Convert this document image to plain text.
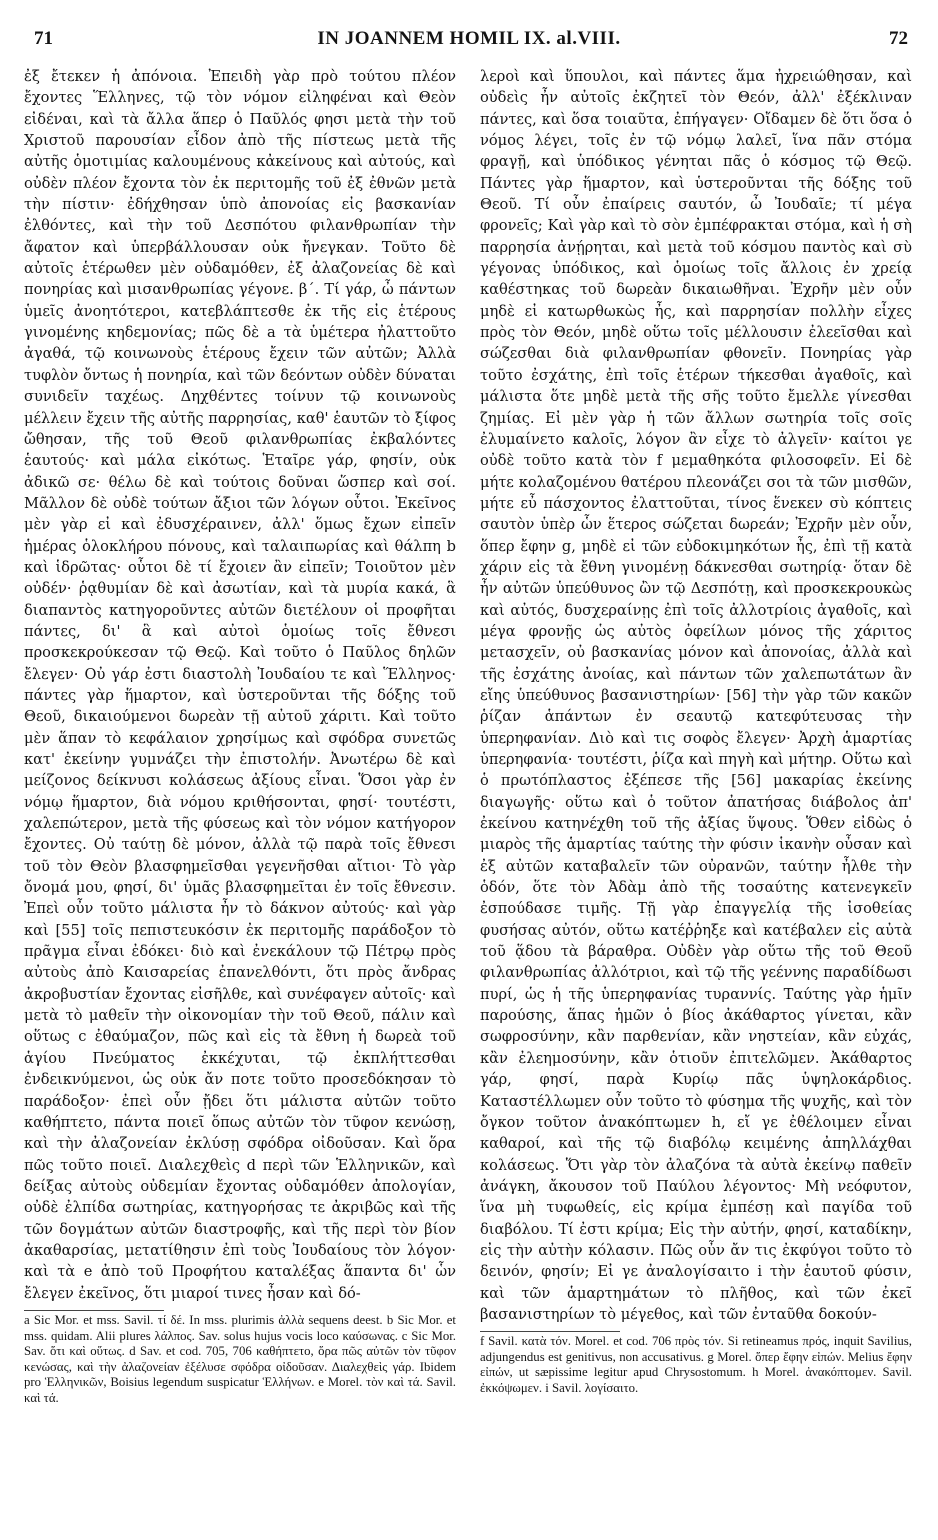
71	IN JOANNEM HOMIL IX. al.VIII.	72

ἐξ ἔτεκεν ἡ ἀπόνοια. Ἐπειδὴ γὰρ πρὸ τούτου πλέον ἔχοντες Ἕλληνες, τῷ τὸν νόμον εἰληφέναι καὶ Θεὸν εἰδέναι, καὶ τὰ ἄλλα ἅπερ ὁ Παῦλός φησι μετὰ τὴν τοῦ Χριστοῦ παρουσίαν εἶδον ἀπὸ τῆς πίστεως μετὰ τῆς αὐτῆς ὁμοτιμίας καλουμένους κἀκείνους καὶ αὐτούς, καὶ οὐδὲν πλέον ἔχοντα τὸν ἐκ περιτομῆς τοῦ ἐξ ἐθνῶν μετὰ τὴν πίστιν· ἐδήχθησαν ὑπὸ ἀπονοίας εἰς βασκανίαν ἐλθόντες, καὶ τὴν τοῦ Δεσπότου φιλανθρωπίαν τὴν ἄφατον καὶ ὑπερβάλλουσαν οὐκ ἤνεγκαν. Τοῦτο δὲ αὐτοῖς ἑτέρωθεν μὲν οὐδαμόθεν, ἐξ ἀλαζονείας δὲ καὶ πονηρίας καὶ μισανθρωπίας γέγονε. β΄. Τί γάρ, ὦ πάντων ὑμεῖς ἀνοητότεροι, κατεβλάπτεσθε ἐκ τῆς εἰς ἑτέρους γινομένης κηδεμονίας; πῶς δὲ a τὰ ὑμέτερα ἠλαττοῦτο ἀγαθά, τῷ κοινωνοὺς ἑτέρους ἔχειν τῶν αὐτῶν; Ἀλλὰ τυφλὸν ὄντως ἡ πονηρία, καὶ τῶν δεόντων οὐδὲν δύναται συνιδεῖν ταχέως. Δηχθέντες τοίνυν τῷ κοινωνοὺς μέλλειν ἔχειν τῆς αὐτῆς παρρησίας, καθ' ἑαυτῶν τὸ ξίφος ὤθησαν, τῆς τοῦ Θεοῦ φιλανθρωπίας ἐκβαλόντες ἑαυτούς· καὶ μάλα εἰκότως. Ἑταῖρε γάρ, φησίν, οὐκ ἀδικῶ σε· θέλω δὲ καὶ τούτοις δοῦναι ὥσπερ καὶ σοί. Μᾶλλον δὲ οὐδὲ τούτων ἄξιοι τῶν λόγων οὗτοι. Ἐκεῖνος μὲν γὰρ εἰ καὶ ἐδυσχέραινεν, ἀλλ' ὅμως ἔχων εἰπεῖν ἡμέρας ὁλοκλήρου πόνους, καὶ ταλαιπωρίας καὶ θάλπη b καὶ ἱδρῶτας· οὗτοι δὲ τί ἔχοιεν ἂν εἰπεῖν; Τοιοῦτον μὲν οὐδέν· ῥᾳθυμίαν δὲ καὶ ἀσωτίαν, καὶ τὰ μυρία κακά, ἃ διαπαντὸς κατηγοροῦντες αὐτῶν διετέλουν οἱ προφῆται πάντες, δι' ἃ καὶ αὐτοὶ ὁμοίως τοῖς ἔθνεσι προσκεκρούκεσαν τῷ Θεῷ. Καὶ τοῦτο ὁ Παῦλος δηλῶν ἔλεγεν· Οὐ γάρ ἐστι διαστολὴ Ἰουδαίου τε καὶ Ἕλληνος· πάντες γὰρ ἥμαρτον, καὶ ὑστεροῦνται τῆς δόξης τοῦ Θεοῦ, δικαιούμενοι δωρεὰν τῇ αὐτοῦ χάριτι. Καὶ τοῦτο μὲν ἅπαν τὸ κεφάλαιον χρησίμως καὶ σφόδρα συνετῶς κατ' ἐκείνην γυμνάζει τὴν ἐπιστολήν. Ἀνωτέρω δὲ καὶ μείζονος δείκνυσι κολάσεως ἀξίους εἶναι. Ὅσοι γὰρ ἐν νόμῳ ἥμαρτον, διὰ νόμου κριθήσονται, φησί· τουτέστι, χαλεπώτερον, μετὰ τῆς φύσεως καὶ τὸν νόμον κατήγορον ἔχοντες. Οὐ ταύτῃ δὲ μόνον, ἀλλὰ τῷ παρὰ τοῖς ἔθνεσι τοῦ τὸν Θεὸν βλασφημεῖσθαι γεγενῆσθαι αἴτιοι· Τὸ γὰρ ὄνομά μου, φησί, δι' ὑμᾶς βλασφημεῖται ἐν τοῖς ἔθνεσιν. Ἐπεὶ οὖν τοῦτο μάλιστα ἦν τὸ δάκνον αὐτούς· καὶ γὰρ καὶ [55] τοῖς πεπιστευκόσιν ἐκ περιτομῆς παράδοξον τὸ πρᾶγμα εἶναι ἐδόκει· διὸ καὶ ἐνεκάλουν τῷ Πέτρῳ πρὸς αὐτοὺς ἀπὸ Καισαρείας ἐπανελθόντι, ὅτι πρὸς ἄνδρας ἀκροβυστίαν ἔχοντας εἰσῆλθε, καὶ συνέφαγεν αὐτοῖς· καὶ μετὰ τὸ μαθεῖν τὴν οἰκονομίαν τὴν τοῦ Θεοῦ, πάλιν καὶ οὕτως c ἐθαύμαζον, πῶς καὶ εἰς τὰ ἔθνη ἡ δωρεὰ τοῦ ἁγίου Πνεύματος ἐκκέχυται, τῷ ἐκπλήττεσθαι ἐνδεικνύμενοι, ὡς οὐκ ἄν ποτε τοῦτο προσεδόκησαν τὸ παράδοξον· ἐπεὶ οὖν ᾔδει ὅτι μάλιστα αὐτῶν τοῦτο καθήπτετο, πάντα ποιεῖ ὅπως αὐτῶν τὸν τῦφον κενώσῃ, καὶ τὴν ἀλαζονείαν ἐκλύσῃ σφόδρα οἰδοῦσαν. Καὶ ὅρα πῶς τοῦτο ποιεῖ. Διαλεχθεὶς d περὶ τῶν Ἑλληνικῶν, καὶ δείξας αὐτοὺς οὐδεμίαν ἔχοντας οὐδαμόθεν ἀπολογίαν, οὐδὲ ἐλπίδα σωτηρίας, κατηγορήσας τε ἀκριβῶς καὶ τῆς τῶν δογμάτων αὐτῶν διαστροφῆς, καὶ τῆς περὶ τὸν βίον ἀκαθαρσίας, μετατίθησιν ἐπὶ τοὺς Ἰουδαίους τὸν λόγον· καὶ τὰ e ἀπὸ τοῦ Προφήτου καταλέξας ἅπαντα δι' ὧν ἔλεγεν ἐκεῖνος, ὅτι μιαροί τινες ἦσαν καὶ δό-

a Sic Mor. et mss. Savil. τί δέ. In mss. plurimis ἀλλὰ sequens deest. b Sic Mor. et mss. quidam. Alii plures λάλπος. Sav. solus hujus vocis loco καύσωνας. c Sic Mor. Sav. ὅτι καὶ οὕτως. d Sav. et cod. 705, 706 καθήπτετο, ὅρα πῶς αὐτῶν τὸν τῦφον κενώσας, καὶ τὴν ἀλαζονείαν ἐξέλυσε σφόδρα οἰδοῦσαν. Διαλεχθεὶς γάρ. Ibidem pro Ἑλληνικῶν, Boisius legendum suspicatur Ἑλλήνων. e Morel. τὸν καὶ τά. Savil. καὶ τά.

λεροὶ καὶ ὕπουλοι, καὶ πάντες ἅμα ἠχρειώθησαν, καὶ οὐδεὶς ἦν αὐτοῖς ἐκζητεῖ τὸν Θεόν, ἀλλ' ἐξέκλιναν πάντες, καὶ ὅσα τοιαῦτα, ἐπήγαγεν· Οἴδαμεν δὲ ὅτι ὅσα ὁ νόμος λέγει, τοῖς ἐν τῷ νόμῳ λαλεῖ, ἵνα πᾶν στόμα φραγῇ, καὶ ὑπόδικος γένηται πᾶς ὁ κόσμος τῷ Θεῷ. Πάντες γὰρ ἥμαρτον, καὶ ὑστεροῦνται τῆς δόξης τοῦ Θεοῦ. Τί οὖν ἐπαίρεις σαυτόν, ὦ Ἰουδαῖε; τί μέγα φρονεῖς; Καὶ γὰρ καὶ τὸ σὸν ἐμπέφρακται στόμα, καὶ ἡ σὴ παρρησία ἀνῄρηται, καὶ μετὰ τοῦ κόσμου παντὸς καὶ σὺ γέγονας ὑπόδικος, καὶ ὁμοίως τοῖς ἄλλοις ἐν χρείᾳ καθέστηκας τοῦ δωρεὰν δικαιωθῆναι. Ἐχρῆν μὲν οὖν μηδὲ εἰ κατωρθωκὼς ἦς, καὶ παρρησίαν πολλὴν εἶχες πρὸς τὸν Θεόν, μηδὲ οὕτω τοῖς μέλλουσιν ἐλεεῖσθαι καὶ σώζεσθαι διὰ φιλανθρωπίαν φθονεῖν. Πονηρίας γὰρ τοῦτο ἐσχάτης, ἐπὶ τοῖς ἑτέρων τήκεσθαι ἀγαθοῖς, καὶ μάλιστα ὅτε μηδὲ μετὰ τῆς σῆς τοῦτο ἔμελλε γίνεσθαι ζημίας. Εἰ μὲν γὰρ ἡ τῶν ἄλλων σωτηρία τοῖς σοῖς ἐλυμαίνετο καλοῖς, λόγον ἂν εἶχε τὸ ἀλγεῖν· καίτοι γε οὐδὲ τοῦτο κατὰ τὸν f μεμαθηκότα φιλοσοφεῖν. Εἰ δὲ μήτε κολαζομένου θατέρου πλεονάζει σοι τὰ τῶν μισθῶν, μήτε εὖ πάσχοντος ἐλαττοῦται, τίνος ἕνεκεν σὺ κόπτεις σαυτὸν ὑπὲρ ὧν ἕτερος σώζεται δωρεάν; Ἐχρῆν μὲν οὖν, ὅπερ ἔφην g, μηδὲ εἰ τῶν εὐδοκιμηκότων ἦς, ἐπὶ τῇ κατὰ χάριν εἰς τὰ ἔθνη γινομένῃ δάκνεσθαι σωτηρίᾳ· ὅταν δὲ ἦν αὐτῶν ὑπεύθυνος ὢν τῷ Δεσπότῃ, καὶ προσκεκρουκὼς καὶ αὐτός, δυσχεραίνῃς ἐπὶ τοῖς ἀλλοτρίοις ἀγαθοῖς, καὶ μέγα φρονῇς ὡς αὐτὸς ὀφείλων μόνος τῆς χάριτος μετασχεῖν, οὐ βασκανίας μόνον καὶ ἀπονοίας, ἀλλὰ καὶ τῆς ἐσχάτης ἀνοίας, καὶ πάντων τῶν χαλεπωτάτων ἂν εἴης ὑπεύθυνος βασανιστηρίων· [56] τὴν γὰρ τῶν κακῶν ῥίζαν ἁπάντων ἐν σεαυτῷ κατεφύτευσας τὴν ὑπερηφανίαν. Διὸ καὶ τις σοφὸς ἔλεγεν· Ἀρχὴ ἁμαρτίας ὑπερηφανία· τουτέστι, ῥίζα καὶ πηγὴ καὶ μήτηρ. Οὕτω καὶ ὁ πρωτόπλαστος ἐξέπεσε τῆς [56] μακαρίας ἐκείνης διαγωγῆς· οὕτω καὶ ὁ τοῦτον ἀπατήσας διάβολος ἀπ' ἐκείνου κατηνέχθη τοῦ τῆς ἀξίας ὕψους. Ὅθεν εἰδὼς ὁ μιαρὸς τῆς ἁμαρτίας ταύτης τὴν φύσιν ἱκανὴν οὖσαν καὶ ἐξ αὐτῶν καταβαλεῖν τῶν οὐρανῶν, ταύτην ἦλθε τὴν ὁδόν, ὅτε τὸν Ἀδὰμ ἀπὸ τῆς τοσαύτης κατενεγκεῖν ἐσπούδασε τιμῆς. Τῇ γὰρ ἐπαγγελίᾳ τῆς ἰσοθείας φυσήσας αὐτόν, οὕτω κατέῤῥηξε καὶ κατέβαλεν εἰς αὐτὰ τοῦ ᾅδου τὰ βάραθρα. Οὐδὲν γὰρ οὕτω τῆς τοῦ Θεοῦ φιλανθρωπίας ἀλλότριοι, καὶ τῷ τῆς γεέννης παραδίδωσι πυρί, ὡς ἡ τῆς ὑπερηφανίας τυραννίς. Ταύτης γὰρ ἡμῖν παρούσης, ἅπας ἡμῶν ὁ βίος ἀκάθαρτος γίνεται, κἂν σωφροσύνην, κἂν παρθενίαν, κἂν νηστείαν, κἂν εὐχάς, κἂν ἐλεημοσύνην, κἂν ὁτιοῦν ἐπιτελῶμεν. Ἀκάθαρτος γάρ, φησί, παρὰ Κυρίῳ πᾶς ὑψηλοκάρδιος. Καταστέλλωμεν οὖν τοῦτο τὸ φύσημα τῆς ψυχῆς, καὶ τὸν ὄγκον τοῦτον ἀνακόπτωμεν h, εἴ γε ἐθέλοιμεν εἶναι καθαροί, καὶ τῆς τῷ διαβόλῳ κειμένης ἀπηλλάχθαι κολάσεως. Ὅτι γὰρ τὸν ἀλαζόνα τὰ αὐτὰ ἐκείνῳ παθεῖν ἀνάγκη, ἄκουσον τοῦ Παύλου λέγοντος· Μὴ νεόφυτον, ἵνα μὴ τυφωθείς, εἰς κρίμα ἐμπέσῃ καὶ παγίδα τοῦ διαβόλου. Τί ἐστι κρίμα; Εἰς τὴν αὐτήν, φησί, καταδίκην, εἰς τὴν αὐτὴν κόλασιν. Πῶς οὖν ἄν τις ἐκφύγοι τοῦτο τὸ δεινόν, φησίν; Εἰ γε ἀναλογίσαιτο i τὴν ἑαυτοῦ φύσιν, καὶ τῶν ἁμαρτημάτων τὸ πλῆθος, καὶ τῶν ἐκεῖ βασανιστηρίων τὸ μέγεθος, καὶ τῶν ἐνταῦθα δοκούν-

f Savil. κατὰ τόν. Morel. et cod. 706 πρὸς τόν. Si retineamus πρός, inquit Savilius, adjungendus est genitivus, non accusativus. g Morel. ὅπερ ἔφην εἰπών. Melius ἔφην εἰπών, ut sæpissime legitur apud Chrysostomum. h Morel. ἀνακόπτομεν. Savil. ἐκκόψωμεν. i Savil. λογίσαιτο.
